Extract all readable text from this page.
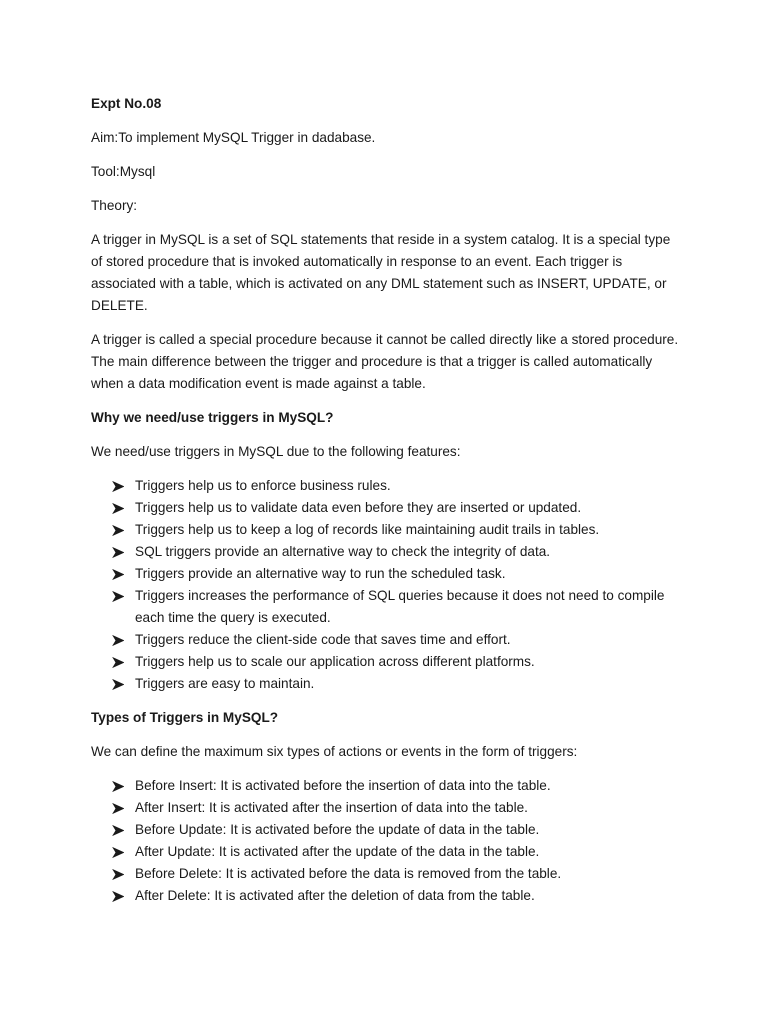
Expt No.08

Aim:To implement MySQL Trigger in dadabase.

Tool:Mysql

Theory:

A trigger in MySQL is a set of SQL statements that reside in a system catalog. It is a special type of stored procedure that is invoked automatically in response to an event. Each trigger is associated with a table, which is activated on any DML statement such as INSERT, UPDATE, or DELETE.

A trigger is called a special procedure because it cannot be called directly like a stored procedure. The main difference between the trigger and procedure is that a trigger is called automatically when a data modification event is made against a table.

Why we need/use triggers in MySQL?

We need/use triggers in MySQL due to the following features:

Triggers help us to enforce business rules.
Triggers help us to validate data even before they are inserted or updated.
Triggers help us to keep a log of records like maintaining audit trails in tables.
SQL triggers provide an alternative way to check the integrity of data.
Triggers provide an alternative way to run the scheduled task.
Triggers increases the performance of SQL queries because it does not need to compile each time the query is executed.
Triggers reduce the client-side code that saves time and effort.
Triggers help us to scale our application across different platforms.
Triggers are easy to maintain.

Types of Triggers in MySQL?

We can define the maximum six types of actions or events in the form of triggers:

Before Insert: It is activated before the insertion of data into the table.
After Insert: It is activated after the insertion of data into the table.
Before Update: It is activated before the update of data in the table.
After Update: It is activated after the update of the data in the table.
Before Delete: It is activated before the data is removed from the table.
After Delete: It is activated after the deletion of data from the table.
